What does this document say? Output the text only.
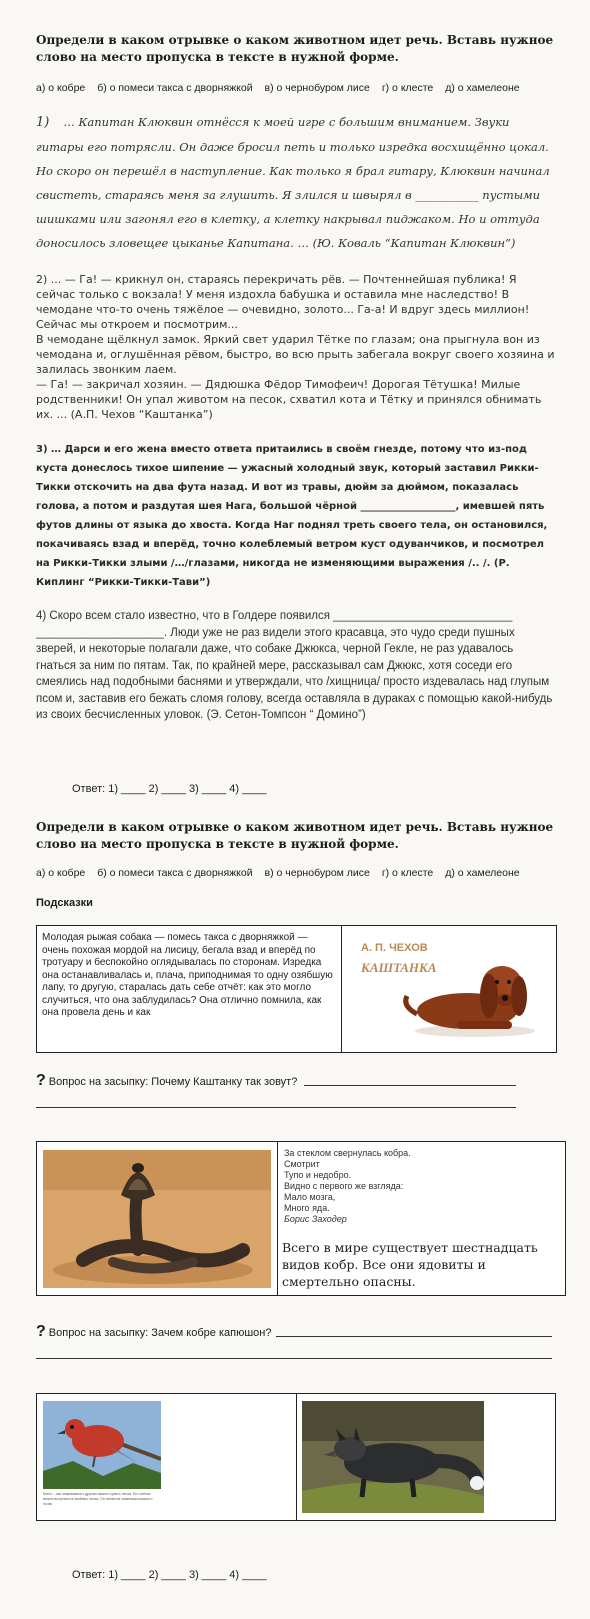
Определи в каком отрывке о каком животном идет речь. Вставь нужное слово на место пропуска в тексте в нужной форме.
а) о кобре б) о помеси такса с дворняжкой в) о чернобуром лисе г) о клесте д) о хамелеоне
1) … Капитан Клюквин отнёсся к моей игре с большим вниманием. Звуки гитары его потрясли. Он даже бросил петь и только изредка восхищённо цокал. Но скоро он перешёл в наступление. Как только я брал гитару, Клюквин начинал свистеть, стараясь меня за глушить. Я злился и швырял в ___________ пустыми шишками или загонял его в клетку, а клетку накрывал пиджаком. Но и оттуда доносилось зловещее цыканье Капитана. … (Ю. Коваль “Капитан Клюквин”)
2) ... — Га! — крикнул он, стараясь перекричать рёв. — Почтеннейшая публика! Я сейчас только с вокзала! У меня издохла бабушка и оставила мне наследство! В чемодане что-то очень тяжёлое — очевидно, золото... Га-а! И вдруг здесь миллион! Сейчас мы откроем и посмотрим...
В чемодане щёлкнул замок. Яркий свет ударил Тётке по глазам; она прыгнула вон из чемодана и, оглушённая рёвом, быстро, во всю прыть забегала вокруг своего хозяина и залилась звонким лаем.
— Га! — закричал хозяин. — Дядюшка Фёдор Тимофеич! Дорогая Тётушка! Милые родственники! Он упал животом на песок, схватил кота и Тётку и принялся обнимать их. ... (А.П. Чехов “Каштанка”)
3) … Дарси и его жена вместо ответа притаились в своём гнезде, потому что из-под куста донеслось тихое шипение — ужасный холодный звук, который заставил Рикки-Тикки отскочить на два фута назад. И вот из травы, дюйм за дюймом, показалась голова, а потом и раздутая шея Нага, большой чёрной ___________________, имевшей пять футов длины от языка до хвоста. Когда Наг поднял треть своего тела, он остановился, покачиваясь взад и вперёд, точно колеблемый ветром куст одуванчиков, и посмотрел на Рикки-Тикки злыми /…/глазами, никогда не изменяющими выражения /.. /. (Р. Киплинг “Рикки-Тикки-Тави”)
4) Скоро всем стало известно, что в Голдере появился ____________________________ ____________________. Люди уже не раз видели этого красавца, это чудо среди пушных зверей, и некоторые полагали даже, что собаке Джюкса, черной Гекле, не раз удавалось гнаться за ним по пятам. Так, по крайней мере, рассказывал сам Джюкс, хотя соседи его смеялись над подобными баснями и утверждали, что /хищница/ просто издевалась над глупым псом и, заставив его бежать сломя голову, всегда оставляла в дураках с помощью какой-нибудь из своих бесчисленных уловок. (Э. Сетон-Томпсон “ Домино”)
Ответ: 1) ____ 2) ____ 3) ____ 4) ____
Определи в каком отрывке о каком животном идет речь. Вставь нужное слово на место пропуска в тексте в нужной форме.
а) о кобре б) о помеси такса с дворняжкой в) о чернобуром лисе г) о клесте д) о хамелеоне
Подсказки
Молодая рыжая собака — помесь такса с дворняжкой — очень похожая мордой на лисицу, бегала взад и вперёд по тротуару и беспокойно оглядывалась по сторонам. Изредка она останавливалась и, плача, приподнимая то одну озябшую лапу, то другую, старалась дать себе отчёт: как это могло случиться, что она заблудилась? Она отлично помнила, как она провела день и как
А. П. ЧЕХОВ
КАШТАНКА
? Вопрос на засыпку: Почему Каштанку так зовут?
За стеклом свернулась кобра.
Смотрит
Тупо и недобро.
Видно с первого же взгляда:
Мало мозга,
Много яда.
Борис Заходер
Всего в мире существует шестнадцать видов кобр. Все они ядовиты и смертельно опасны.
? Вопрос на засыпку: Зачем кобре капюшон?
Клест – мы знакомимся с другом нашего края и лесов. Его сейчас можно встретить в хвойных лесах. Он питается семенами шишек и почек.
Ответ: 1) ____ 2) ____ 3) ____ 4) ____
